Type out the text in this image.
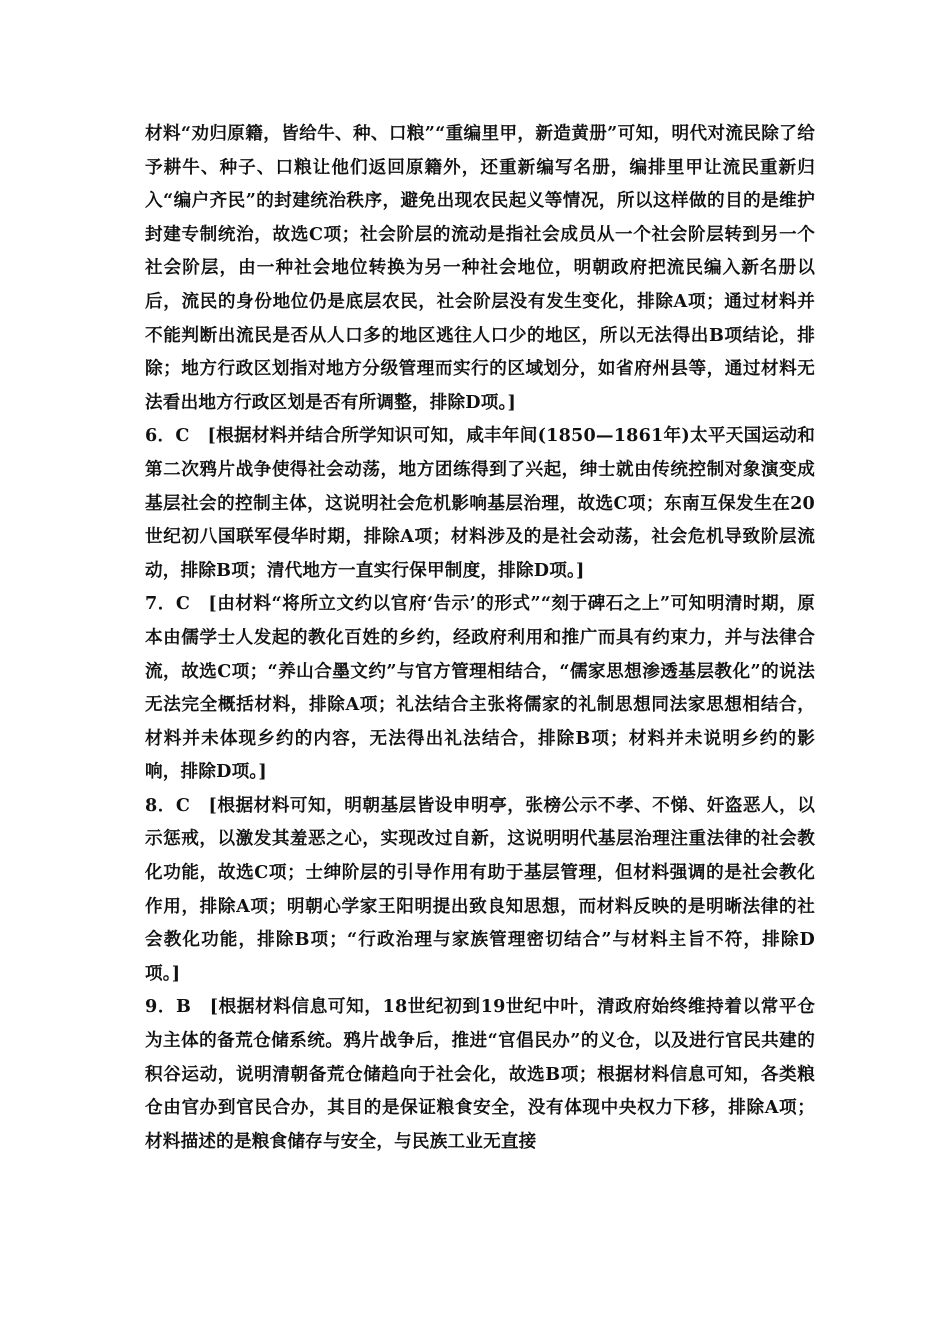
材料“劝归原籍，皆给牛、种、口粮”“重编里甲，新造黄册”可知，明代对流民除了给予耕牛、种子、口粮让他们返回原籍外，还重新编写名册，编排里甲让流民重新归入“编户齐民”的封建统治秩序，避免出现农民起义等情况，所以这样做的目的是维护封建专制统治，故选C项；社会阶层的流动是指社会成员从一个社会阶层转到另一个社会阶层，由一种社会地位转换为另一种社会地位，明朝政府把流民编入新名册以后，流民的身份地位仍是底层农民，社会阶层没有发生变化，排除A项；通过材料并不能判断出流民是否从人口多的地区逃往人口少的地区，所以无法得出B项结论，排除；地方行政区划指对地方分级管理而实行的区域划分，如省府州县等，通过材料无法看出地方行政区划是否有所调整，排除D项。]

6．C　[根据材料并结合所学知识可知，咸丰年间(1850—1861年)太平天国运动和第二次鸦片战争使得社会动荡，地方团练得到了兴起，绅士就由传统控制对象演变成基层社会的控制主体，这说明社会危机影响基层治理，故选C项；东南互保发生在20世纪初八国联军侵华时期，排除A项；材料涉及的是社会动荡，社会危机导致阶层流动，排除B项；清代地方一直实行保甲制度，排除D项。]

7．C　[由材料“将所立文约以官府‘告示’的形式”“刻于碑石之上”可知明清时期，原本由儒学士人发起的教化百姓的乡约，经政府利用和推广而具有约束力，并与法律合流，故选C项；“养山合墨文约”与官方管理相结合，“儒家思想渗透基层教化”的说法无法完全概括材料，排除A项；礼法结合主张将儒家的礼制思想同法家思想相结合，材料并未体现乡约的内容，无法得出礼法结合，排除B项；材料并未说明乡约的影响，排除D项。]

8．C　[根据材料可知，明朝基层皆设申明亭，张榜公示不孝、不悌、奸盗恶人，以示惩戒，以激发其羞恶之心，实现改过自新，这说明明代基层治理注重法律的社会教化功能，故选C项；士绅阶层的引导作用有助于基层管理，但材料强调的是社会教化作用，排除A项；明朝心学家王阳明提出致良知思想，而材料反映的是明晰法律的社会教化功能，排除B项；“行政治理与家族管理密切结合”与材料主旨不符，排除D项。]

9．B　[根据材料信息可知，18世纪初到19世纪中叶，清政府始终维持着以常平仓为主体的备荒仓储系统。鸦片战争后，推进“官倡民办”的义仓，以及进行官民共建的积谷运动，说明清朝备荒仓储趋向于社会化，故选B项；根据材料信息可知，各类粮仓由官办到官民合办，其目的是保证粮食安全，没有体现中央权力下移，排除A项；材料描述的是粮食储存与安全，与民族工业无直接
